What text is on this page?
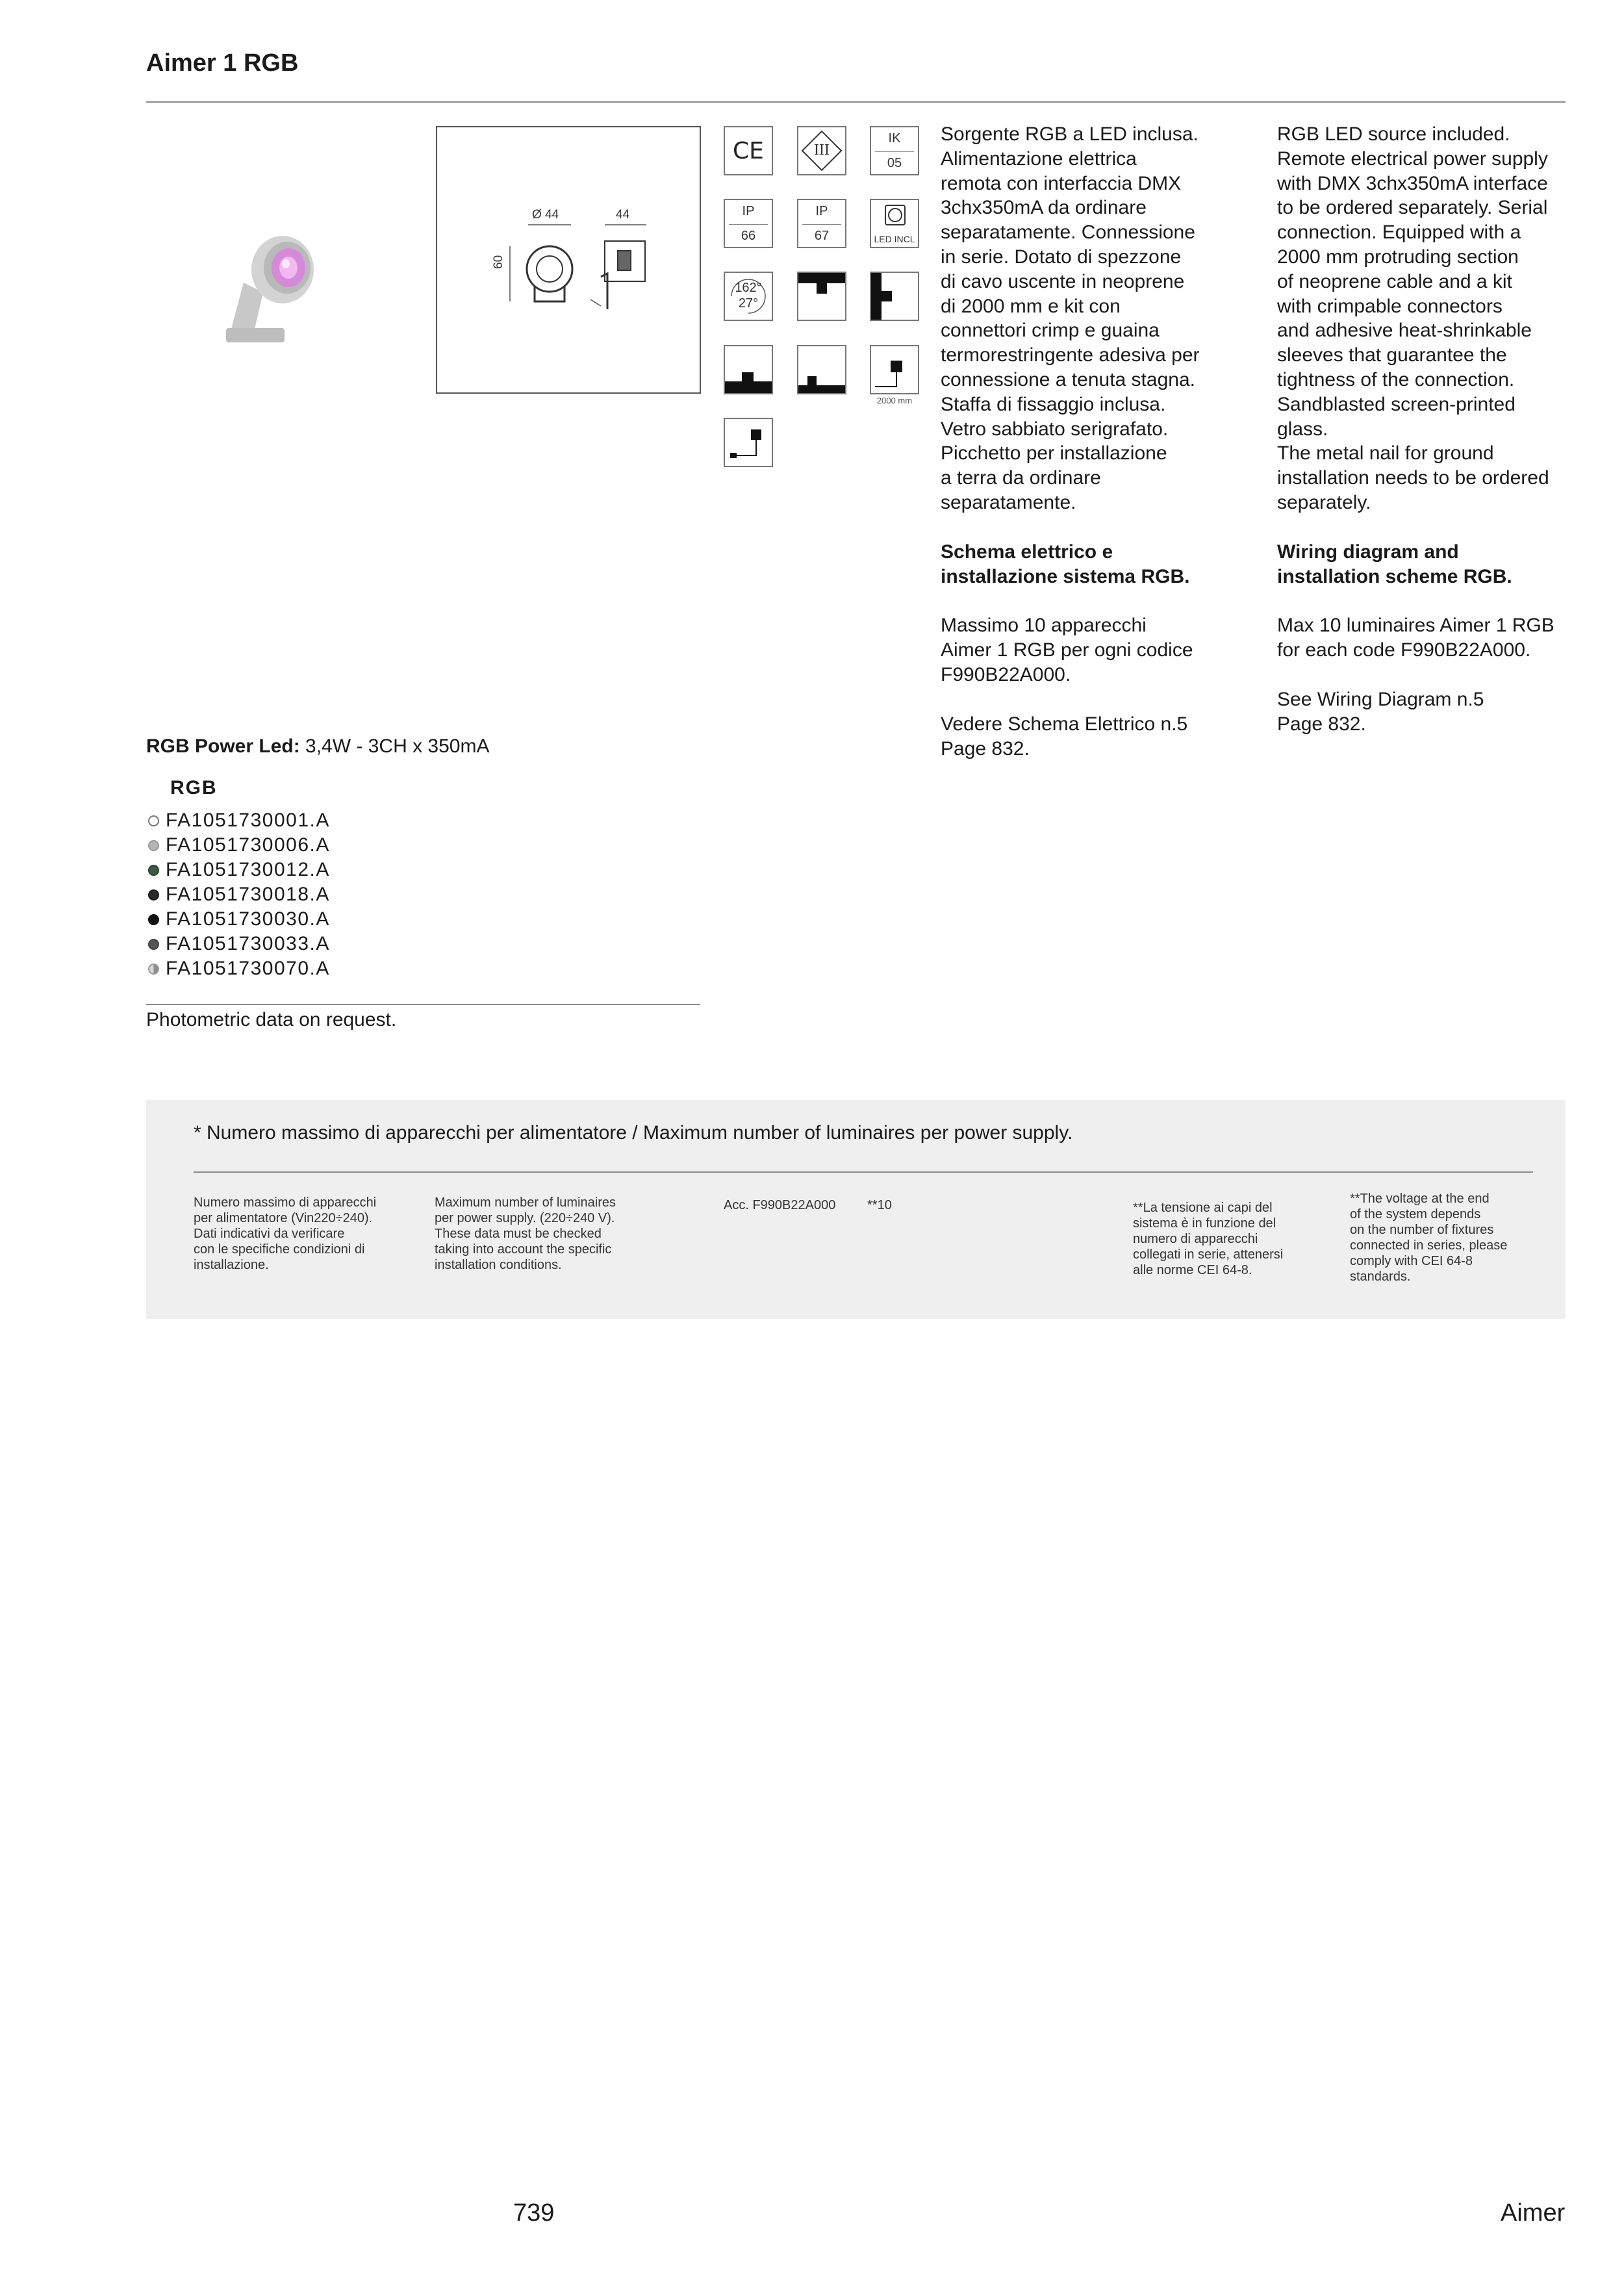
Aimer 1 RGB
Ø 44	44
60
CE	III
IK
05
IP
66
IP
67	LED INCL
162°
27°
2000 mm

Sorgente RGB a LED inclusa.

Alimentazione elettrica

remota con interfaccia DMX

3chx350mA da ordinare

separatamente. Connessione

in serie. Dotato di spezzone

di cavo uscente in neoprene

di 2000 mm e kit con

connettori crimp e guaina

termorestringente adesiva per

connessione a tenuta stagna.

Staffa di fissaggio inclusa.

Vetro sabbiato serigrafato.

Picchetto per installazione

a terra da ordinare

separatamente.

Schema elettrico e

installazione sistema RGB.

Massimo 10 apparecchi

Aimer 1 RGB per ogni codice

F990B22A000.

Vedere Schema Elettrico n.5

Page 832.

RGB LED source included.

Remote electrical power supply

with DMX 3chx350mA interface

to be ordered separately. Serial

connection. Equipped with a

2000 mm protruding section

of neoprene cable and a kit

with crimpable connectors

and adhesive heat-shrinkable

sleeves that guarantee the

tightness of the connection.

Sandblasted screen-printed

glass.

The metal nail for ground

installation needs to be ordered

separately.

Wiring diagram and

installation scheme RGB.

Max 10 luminaires Aimer 1 RGB

for each code F990B22A000.

See Wiring Diagram n.5

Page 832.

RGB Power Led: 3,4W - 3CH x 350mA
RGB
FA1051730001.A
FA1051730006.A
FA1051730012.A
FA1051730018.A
FA1051730030.A
FA1051730033.A
FA1051730070.A
Photometric data on request.
* Numero massimo di apparecchi per alimentatore / Maximum number of luminaires per power supply.
Numero massimo di apparecchi
per alimentatore (Vin220÷240).
Dati indicativi da verificare
con le specifiche condizioni di
installazione.
Maximum number of luminaires
per power supply. (220÷240 V).
These data must be checked
taking into account the specific
installation conditions.
Acc. F990B22A000 **10	**La tensione ai capi del
sistema è in funzione del
numero di apparecchi
collegati in serie, attenersi
alle norme CEI 64-8.
**The voltage at the end
of the system depends
on the number of fixtures
connected in series, please
comply with CEI 64-8
standards.
739	Aimer
